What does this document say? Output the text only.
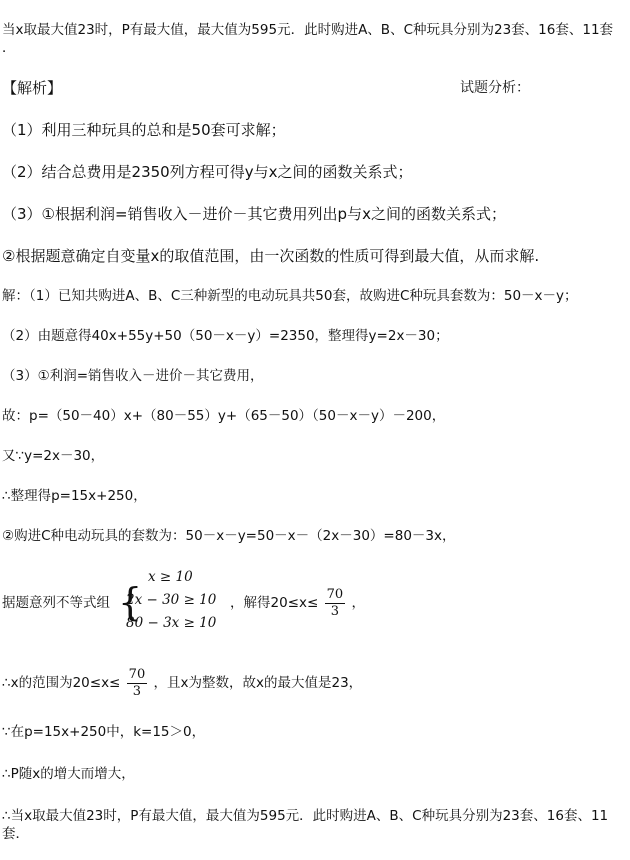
当x取最大值23时，P有最大值，最大值为595元．此时购进A、B、C种玩具分别为23套、16套、11套
．
【解析】	试题分析：
（1）利用三种玩具的总和是50套可求解；
（2）结合总费用是2350列方程可得y与x之间的函数关系式；
（3）①根据利润=销售收入－进价－其它费用列出p与x之间的函数关系式；
②根据题意确定自变量x的取值范围，由一次函数的性质可得到最大值，从而求解.
解：（1）已知共购进A、B、C三种新型的电动玩具共50套，故购进C种玩具套数为：50－x－y；
（2）由题意得40x+55y+50（50－x－y）=2350，整理得y=2x－30；
（3）①利润=销售收入－进价－其它费用，
故：p=（50－40）x+（80－55）y+（65－50）（50－x－y）－200，
又∵y=2x－30，
∴整理得p=15x+250，
②购进C种电动玩具的套数为：50－x－y=50－x－（2x－30）=80－3x，
据题意列不等式组 {
x ≥ 10
2x − 30 ≥ 10
80 − 3x ≥ 10
，解得$20\le x\le \frac{70}{3}$ ，
∴x的范围为$20\le x\le \frac{70}{3}$ ，且x为整数，故x的最大值是23，
∵在p=15x+250中，k=15＞0，
∴P随x的增大而增大，
∴当x取最大值23时，P有最大值，最大值为595元．此时购进A、B、C种玩具分别为23套、16套、11
套．
